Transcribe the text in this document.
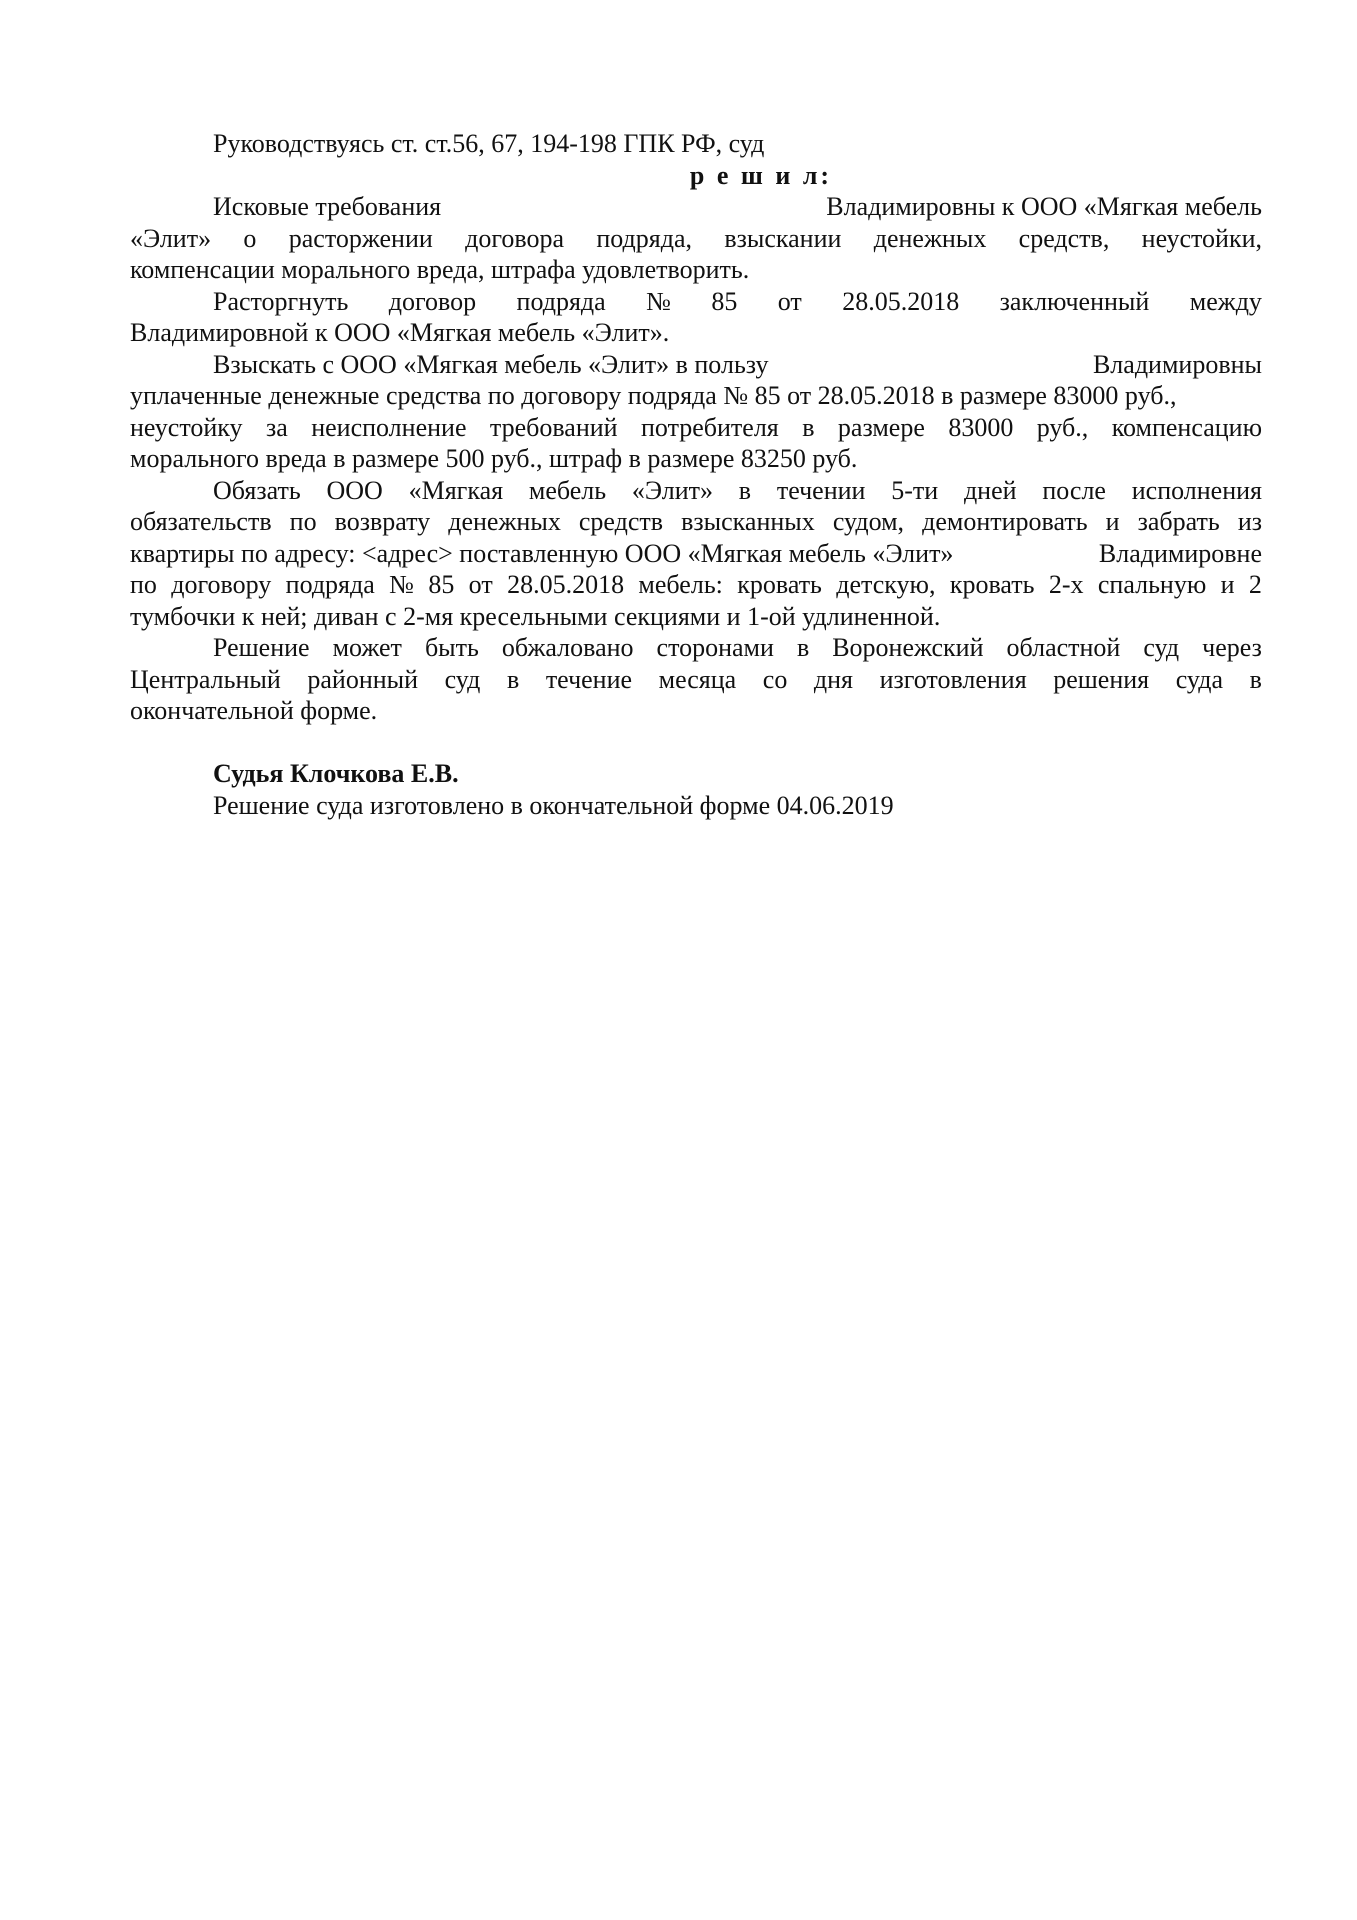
Руководствуясь ст. ст.56, 67, 194-198 ГПК РФ, суд
р е ш и л:
Исковые требования	Владимировны к ООО «Мягкая мебель
«Элит» о расторжении договора подряда, взыскании денежных средств, неустойки,
компенсации морального вреда, штрафа удовлетворить.
Расторгнуть договор подряда № 85 от 28.05.2018 заключенный между
Владимировной к ООО «Мягкая мебель «Элит».
Взыскать с ООО «Мягкая мебель «Элит» в пользу	Владимировны
уплаченные денежные средства по договору подряда № 85 от 28.05.2018 в размере 83000 руб.,
неустойку за неисполнение требований потребителя в размере 83000 руб., компенсацию
морального вреда в размере 500 руб., штраф в размере 83250 руб.
Обязать ООО «Мягкая мебель «Элит» в течении 5-ти дней после исполнения
обязательств по возврату денежных средств взысканных судом, демонтировать и забрать из
квартиры по адресу: <адрес> поставленную ООО «Мягкая мебель «Элит»	Владимировне
по договору подряда № 85 от 28.05.2018 мебель: кровать детскую, кровать 2-х спальную и 2
тумбочки к ней; диван с 2-мя кресельными секциями и 1-ой удлиненной.
Решение может быть обжаловано сторонами в Воронежский областной суд через
Центральный районный суд в течение месяца со дня изготовления решения суда в
окончательной форме.
Судья Клочкова Е.В.
Решение суда изготовлено в окончательной форме 04.06.2019
